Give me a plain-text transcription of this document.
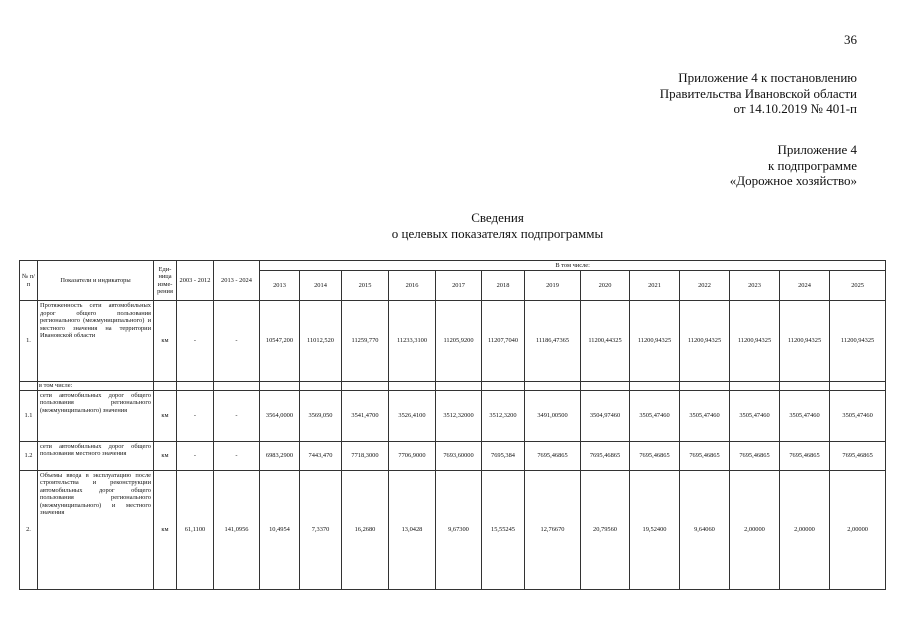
36
Приложение 4 к постановлению
Правительства Ивановской области
от 14.10.2019 № 401-п
Приложение 4
к подпрограмме
«Дорожное хозяйство»
Сведения
о целевых показателях подпрограммы
№ п/п	Показатели и индикаторы	Еди-ница изме-рения	2003 - 2012	2013 - 2024	В том числе:												
					2013	2014	2015	2016	2017	2018	2019	2020	2021	2022	2023	2024	2025
1.	Протяженность сети автомобильных дорог общего пользования регионального (межмуниципального) и местного значения на территории Ивановской области	км	-	-	10547,200	11012,520	11259,770	11233,3100	11205,9200	11207,7040	11186,47365	11200,44325	11200,94325	11200,94325	11200,94325	11200,94325	11200,94325
	в том числе:																
1.1	сети автомобильных дорог общего пользования регионального (межмуниципального) значения	км	-	-	3564,0000	3569,050	3541,4700	3526,4100	3512,32000	3512,3200	3491,00500	3504,97460	3505,47460	3505,47460	3505,47460	3505,47460	3505,47460
1.2	сети автомобильных дорог общего пользования местного значения	км	-	-	6983,2900	7443,470	7718,3000	7706,9000	7693,60000	7695,384	7695,46865	7695,46865	7695,46865	7695,46865	7695,46865	7695,46865	7695,46865
2.	Объемы ввода в эксплуатацию после строительства и реконструкции автомобильных дорог общего пользования регионального (межмуниципального) и местного значения	км	61,1100	141,0956	10,4954	7,3370	16,2680	13,0428	9,67300	15,55245	12,76670	20,79560	19,52400	9,64060	2,00000	2,00000	2,00000
